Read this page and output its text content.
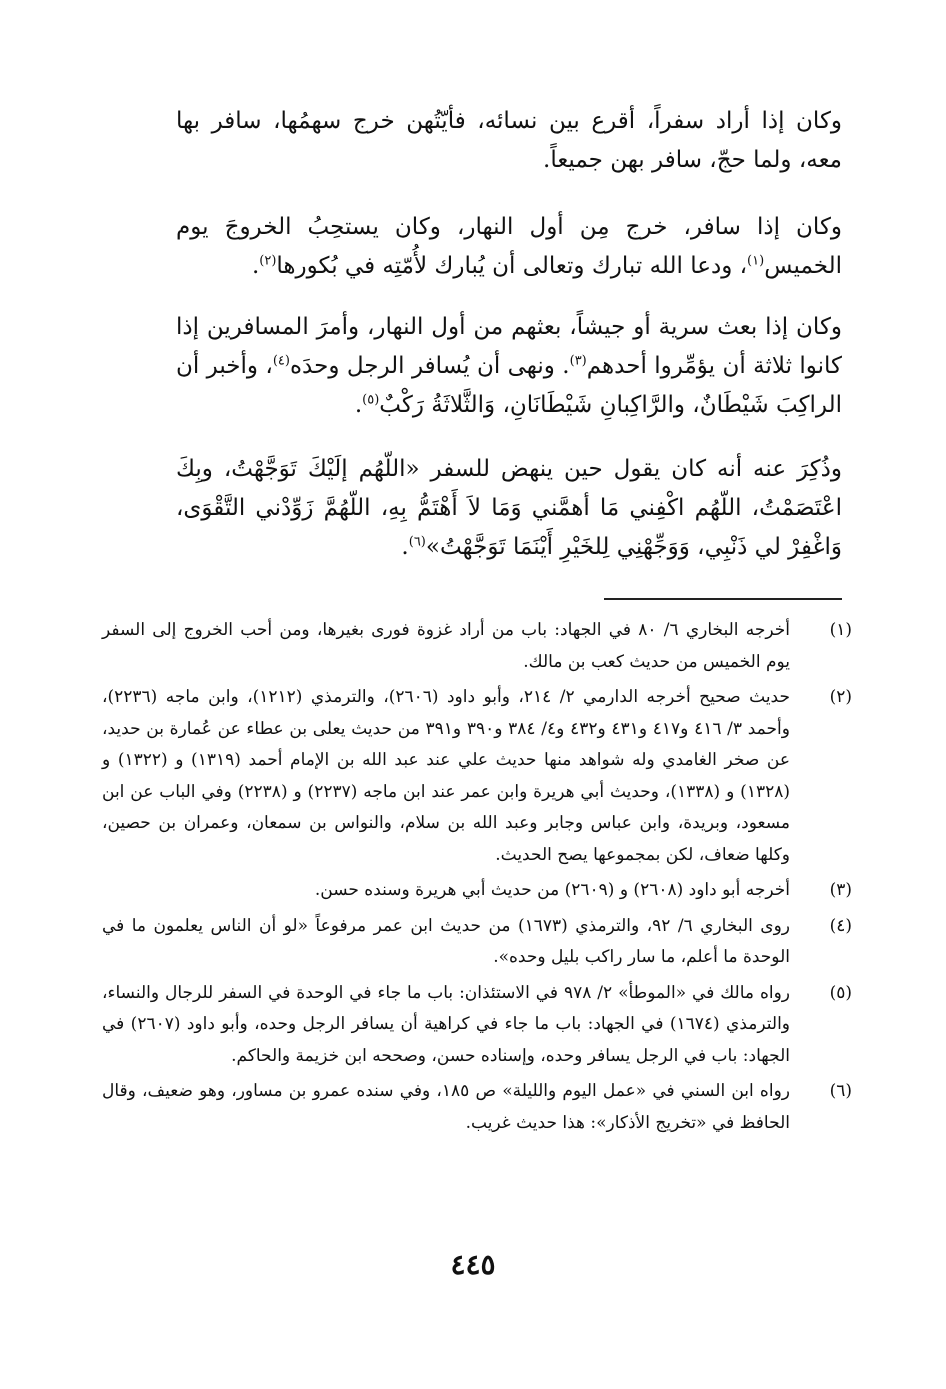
وكان إذا أراد سفراً، أقرع بين نسائه، فأيّتُهن خرج سهمُها، سافر بها معه، ولما حجّ، سافر بهن جميعاً.

وكان إذا سافر، خرج مِن أول النهار، وكان يستحِبُ الخروجَ يوم الخميس$^{(١)}$، ودعا الله تبارك وتعالى أن يُبارك لأُمّتِه في بُكورها$^{(٢)}$.

وكان إذا بعث سرية أو جيشاً، بعثهم من أول النهار، وأمرَ المسافرين إذا كانوا ثلاثة أن يؤمِّروا أحدهم$^{(٣)}$. ونهى أن يُسافر الرجل وحدَه$^{(٤)}$، وأخبر أن الراكِبَ شَيْطَانٌ، والرَّاكِبانِ شَيْطَانَانِ، وَالثَّلاثَةُ رَكْبٌ$^{(٥)}$.

وذُكِرَ عنه أنه كان يقول حين ينهض للسفر «اللّهُم إلَيْكَ تَوَجَّهْتُ، وبِكَ اعْتَصَمْتُ، اللّهُم اكْفِني مَا أهمَّني وَمَا لاَ أَهْتَمُّ بِهِ، اللّهُمَّ زَوِّدْني التَّقْوَى، وَاغْفِرْ لي ذَنْبِي، وَوَجِّهْنِي لِلخَيْرِ أَيْنَمَا تَوَجَّهْتُ»$^{(٦)}$.

(١)
أخرجه البخاري ٦/ ٨٠ في الجهاد: باب من أراد غزوة فورى بغيرها، ومن أحب الخروج إلى السفر يوم الخميس من حديث كعب بن مالك.
(٢)
حديث صحيح أخرجه الدارمي ٢/ ٢١٤، وأبو داود (٢٦٠٦)، والترمذي (١٢١٢)، وابن ماجه (٢٢٣٦)، وأحمد ٣/ ٤١٦ و٤١٧ و٤٣١ و٤٣٢ و٤/ ٣٨٤ و٣٩٠ و٣٩١ من حديث يعلى بن عطاء عن عُمارة بن حديد، عن صخر الغامدي وله شواهد منها حديث علي عند عبد الله بن الإمام أحمد (١٣١٩) و (١٣٢٢) و (١٣٢٨) و (١٣٣٨)، وحديث أبي هريرة وابن عمر عند ابن ماجه (٢٢٣٧) و (٢٢٣٨) وفي الباب عن ابن مسعود، وبريدة، وابن عباس وجابر وعبد الله بن سلام، والنواس بن سمعان، وعمران بن حصين، وكلها ضعاف، لكن بمجموعها يصح الحديث.
(٣)
أخرجه أبو داود (٢٦٠٨) و (٢٦٠٩) من حديث أبي هريرة وسنده حسن.
(٤)
روى البخاري ٦/ ٩٢، والترمذي (١٦٧٣) من حديث ابن عمر مرفوعاً «لو أن الناس يعلمون ما في الوحدة ما أعلم، ما سار راكب بليل وحده».
(٥)
رواه مالك في «الموطأ» ٢/ ٩٧٨ في الاستئذان: باب ما جاء في الوحدة في السفر للرجال والنساء، والترمذي (١٦٧٤) في الجهاد: باب ما جاء في كراهية أن يسافر الرجل وحده، وأبو داود (٢٦٠٧) في الجهاد: باب في الرجل يسافر وحده، وإسناده حسن، وصححه ابن خزيمة والحاكم.
(٦)
رواه ابن السني في «عمل اليوم والليلة» ص ١٨٥، وفي سنده عمرو بن مساور، وهو ضعيف، وقال الحافظ في «تخريج الأذكار»: هذا حديث غريب.
٤٤٥
